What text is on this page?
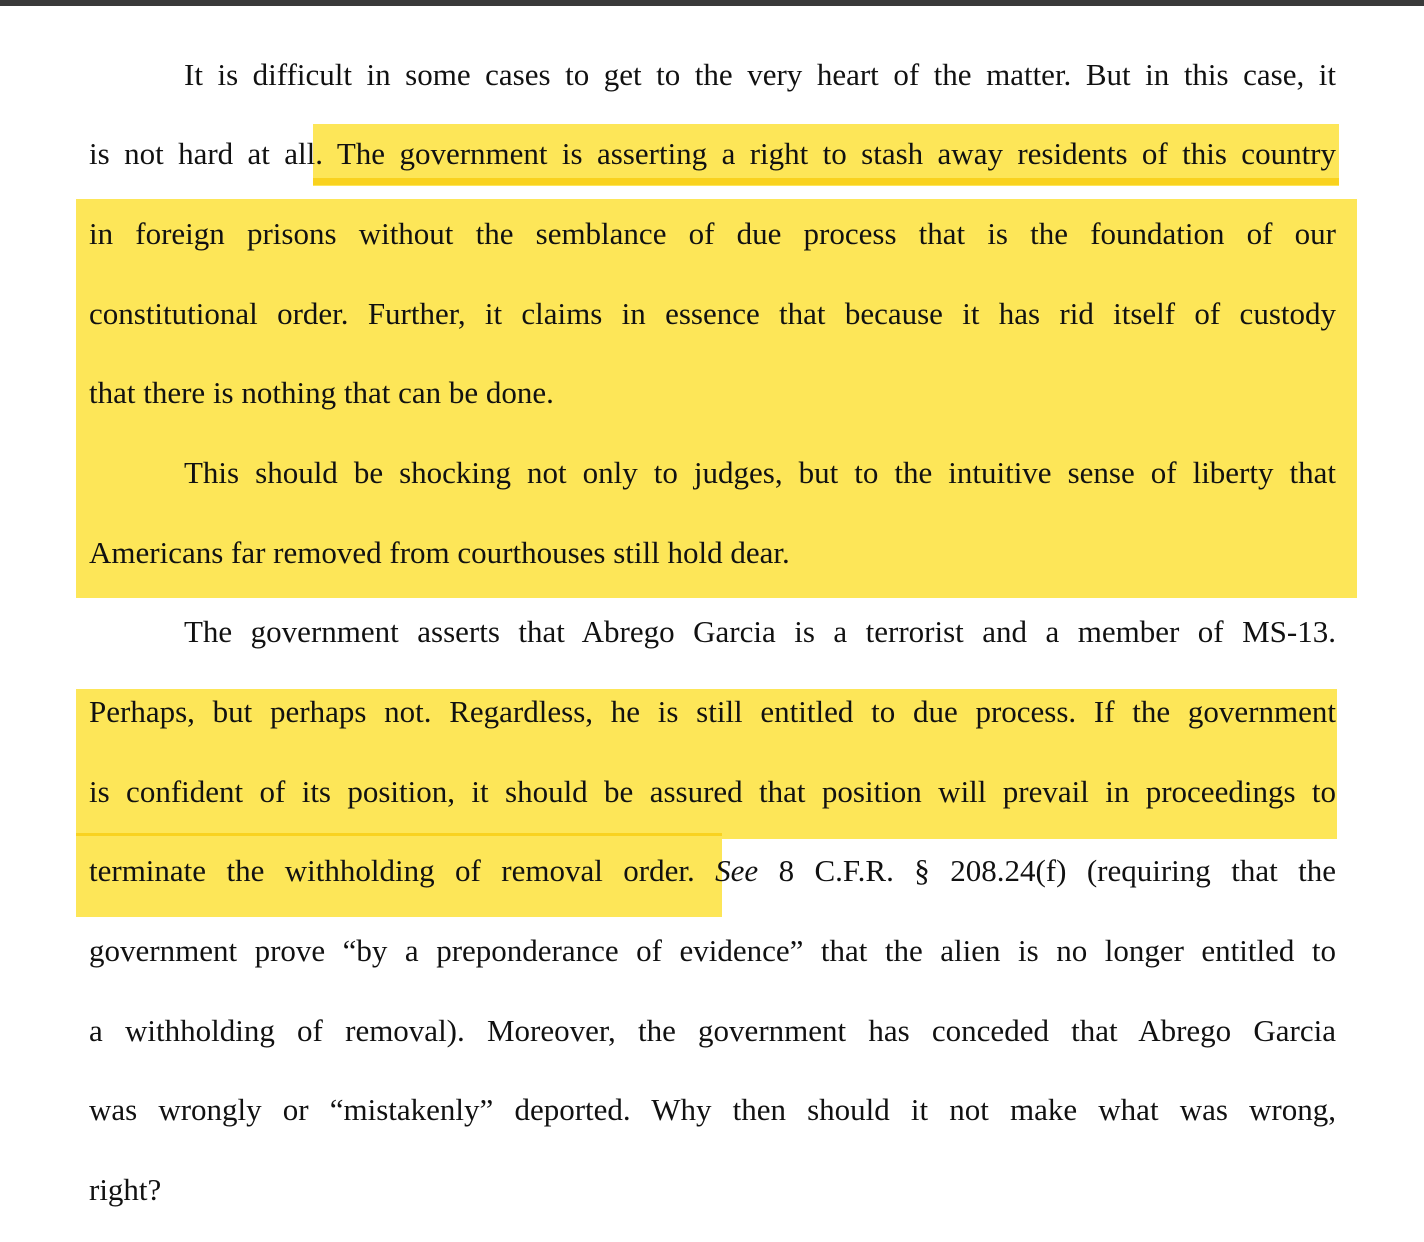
It is difficult in some cases to get to the very heart of the matter. But in this case, it
is not hard at all. The government is asserting a right to stash away residents of this country
in foreign prisons without the semblance of due process that is the foundation of our
constitutional order. Further, it claims in essence that because it has rid itself of custody
that there is nothing that can be done.
This should be shocking not only to judges, but to the intuitive sense of liberty that
Americans far removed from courthouses still hold dear.
The government asserts that Abrego Garcia is a terrorist and a member of MS-13.
Perhaps, but perhaps not. Regardless, he is still entitled to due process. If the government
is confident of its position, it should be assured that position will prevail in proceedings to
terminate the withholding of removal order. See 8 C.F.R. § 208.24(f) (requiring that the
government prove “by a preponderance of evidence” that the alien is no longer entitled to
a withholding of removal). Moreover, the government has conceded that Abrego Garcia
was wrongly or “mistakenly” deported. Why then should it not make what was wrong,
right?
